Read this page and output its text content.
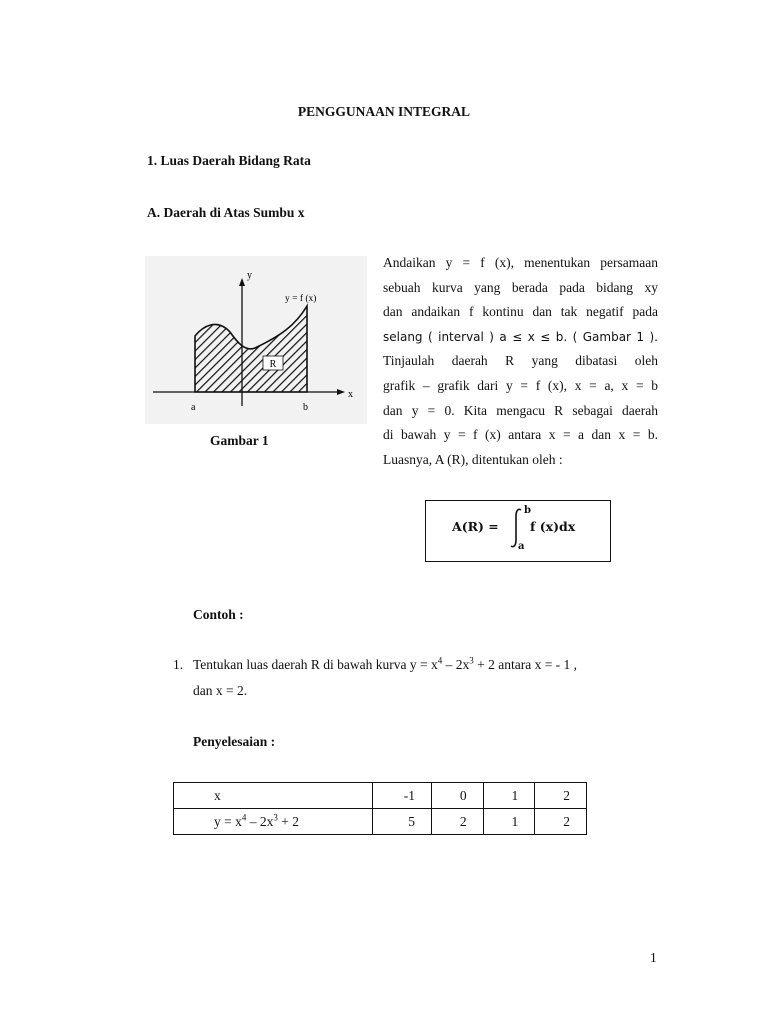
PENGGUNAAN INTEGRAL
1. Luas Daerah Bidang Rata
A. Daerah di Atas Sumbu x
R
y
x
y = f (x)
a	b
Gambar 1
Andaikan y = f (x), menentukan persamaan
sebuah kurva yang berada pada bidang xy
dan andaikan f kontinu dan tak negatif pada
selang ( interval ) a ≤ x ≤ b. ( Gambar 1 ).
Tinjaulah daerah R yang dibatasi oleh
grafik – grafik dari y = f (x), x = a, x = b
dan y = 0. Kita mengacu R sebagai daerah
di bawah y = f (x) antara x = a dan x = b.
Luasnya, A (R), ditentukan oleh :
A(R) =
b
a
f (x)dx
Contoh :
1. Tentukan luas daerah R di bawah kurva $y = x^4 - 2x^3 + 2$ antara x = - 1 ,
dan x = 2.
Penyelesaian :
x	-1	0	1	2
$y = x^4 - 2x^3 + 2$	5	2	1	2
1
